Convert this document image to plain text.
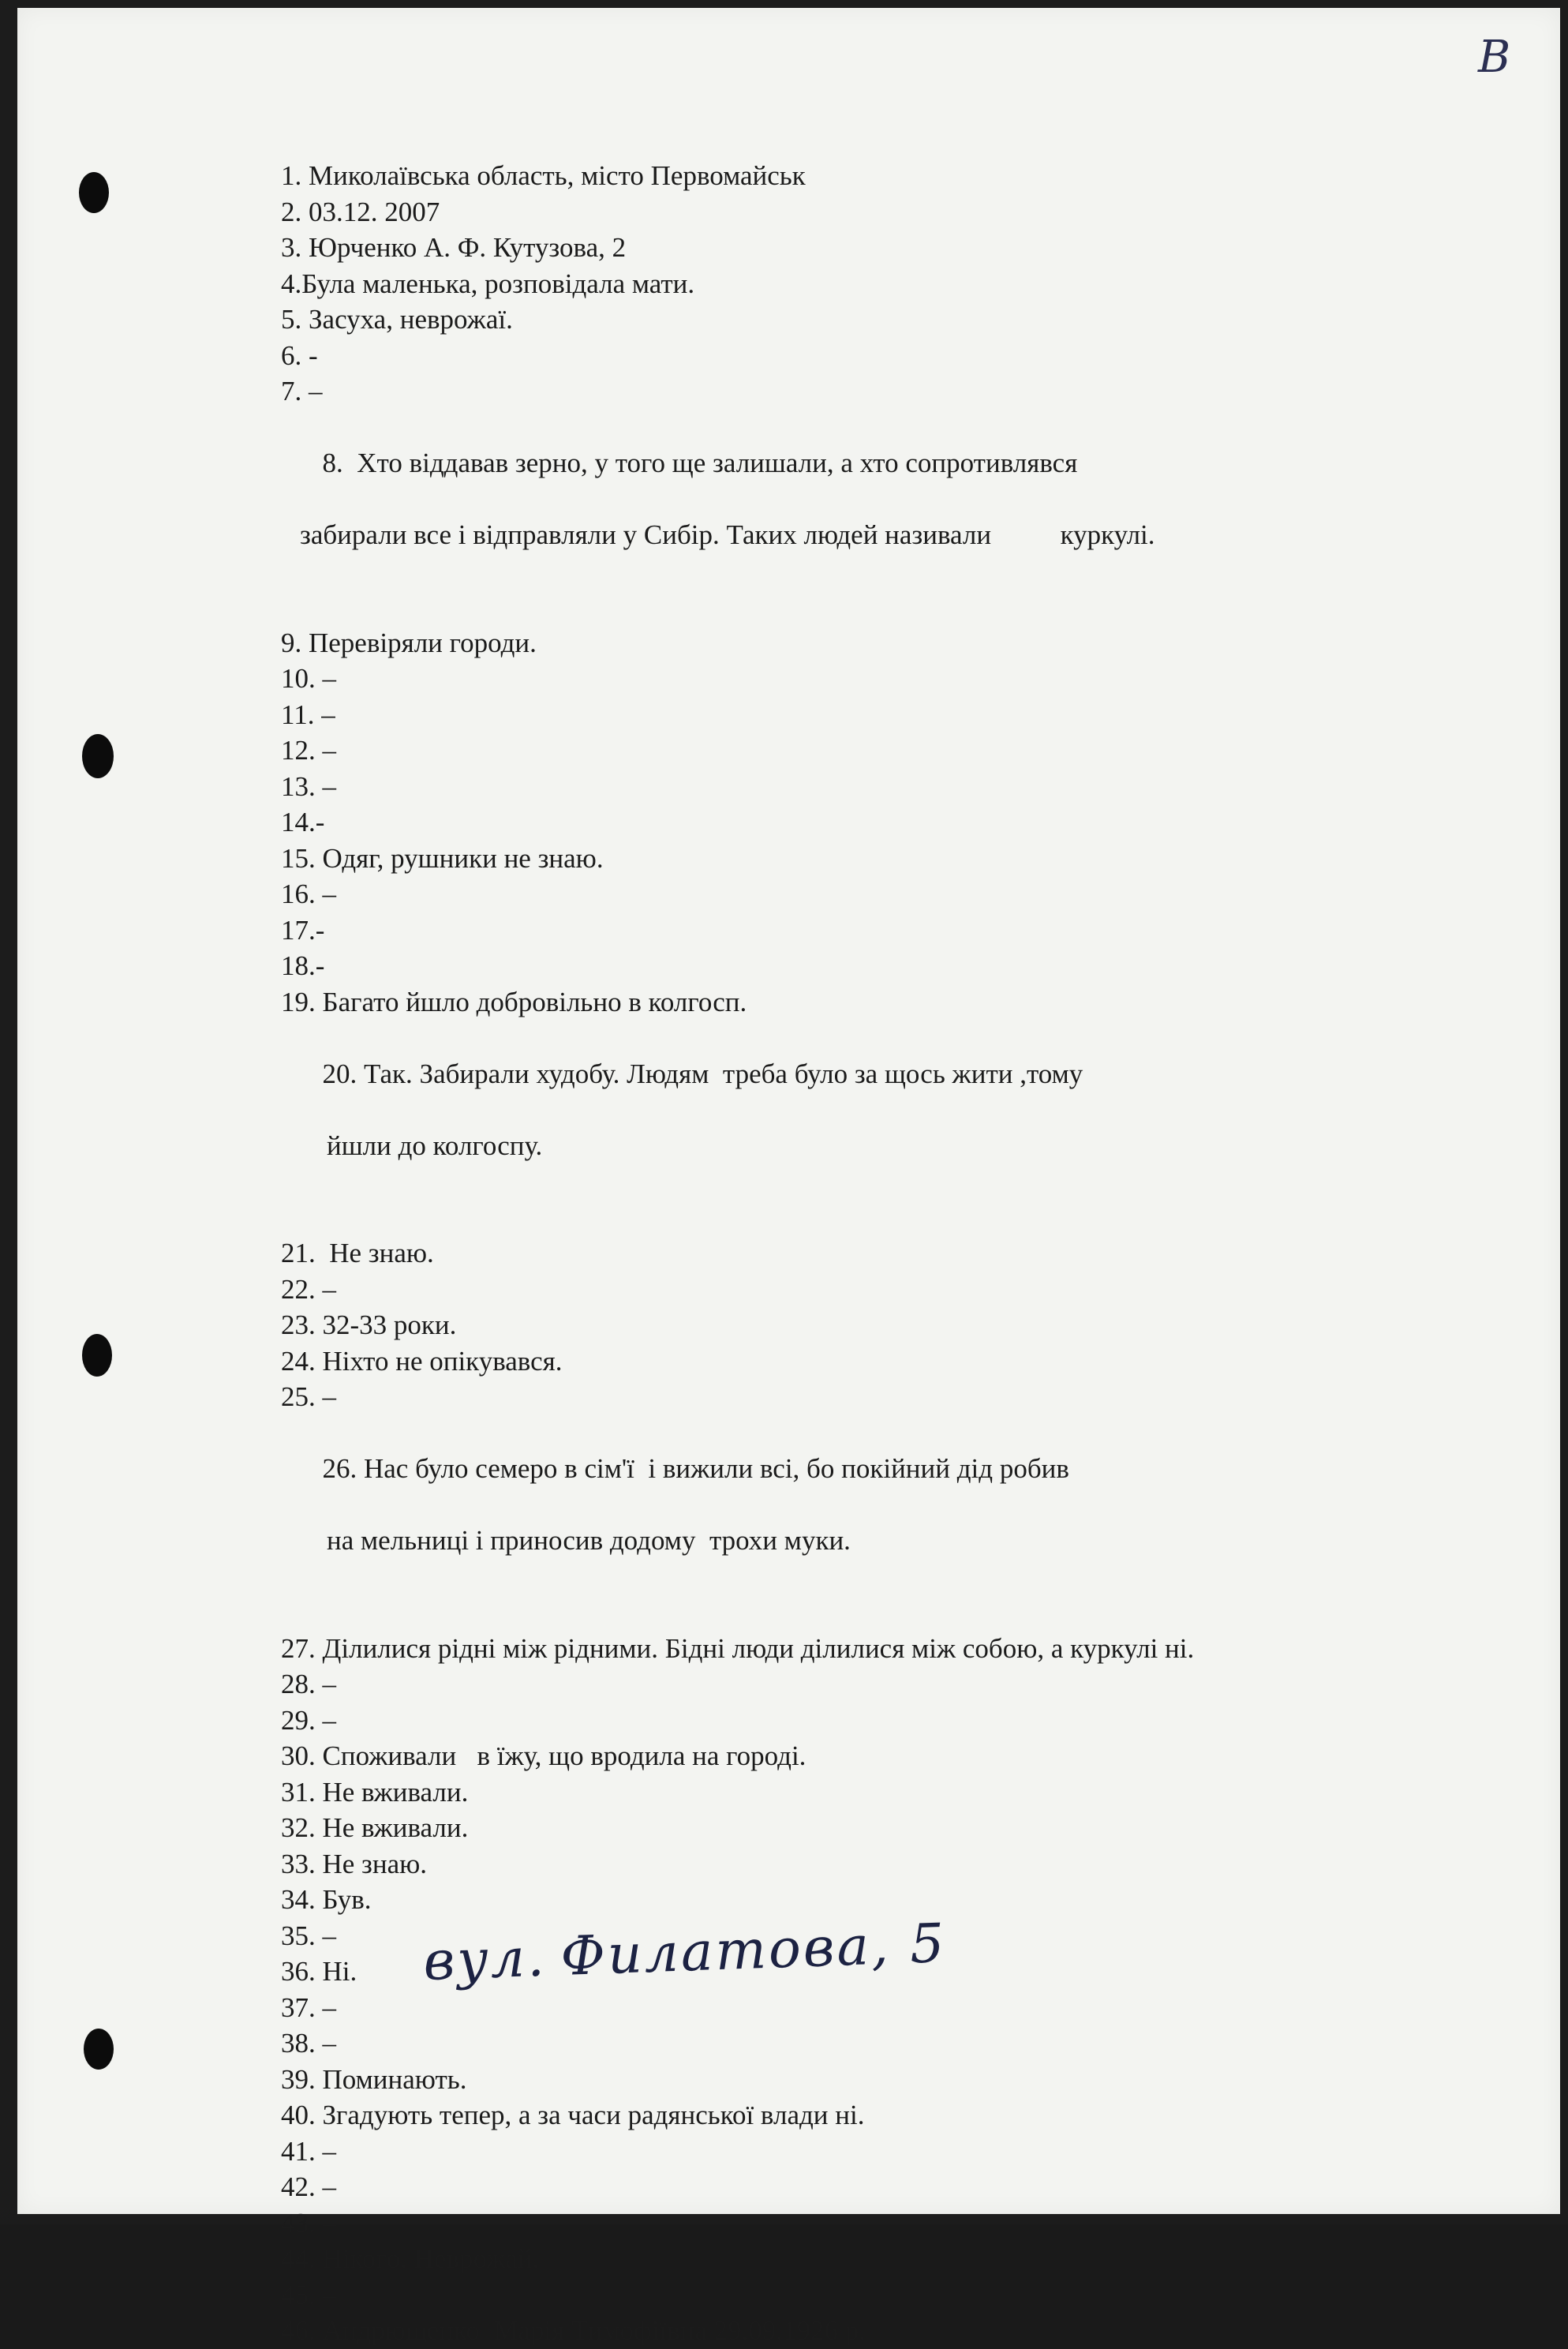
B
1. Миколаївська область, місто Первомайськ
2. 03.12. 2007
3. Юрченко А. Ф. Кутузова, 2
4.Була маленька, розповідала мати.
5. Засуха, неврожаї.
6. -
7. –

8.  Хто віддавав зерно, у того ще залишали, а хто сопротивлявся

забирали все і відправляли у Сибір. Таких людей називали          куркулі.

9. Перевіряли городи.
10. –
11. –
12. –
13. –
14.-
15. Одяг, рушники не знаю.
16. –
17.-
18.-
19. Багато йшло добровільно в колгосп.

20. Так. Забирали худобу. Людям  треба було за щось жити ,тому

йшли до колгоспу.

21.  Не знаю.
22. –
23. 32-33 роки.
24. Ніхто не опікувався.
25. –

26. Нас було семеро в сім'ї  і вижили всі, бо покійний дід робив

на мельниці і приносив додому  трохи муки.

27. Ділилися рідні між рідними. Бідні люди ділилися між собою, а куркулі ні.
28. –
29. –
30. Споживали   в їжу, що вродила на городі.
31. Не вживали.
32. Не вживали.
33. Не знаю.
34. Був.
35. –
36. Ні.
37. –
38. –
39. Поминають.
40. Згадують тепер, а за часи радянської влади ні.
41. –
42. –
43. –
44. Нікого. Неврожай.
45. –
46. Андрющенко  Марія Тимофіївна 29.09.1926 р.
вул. Филатова, 5
